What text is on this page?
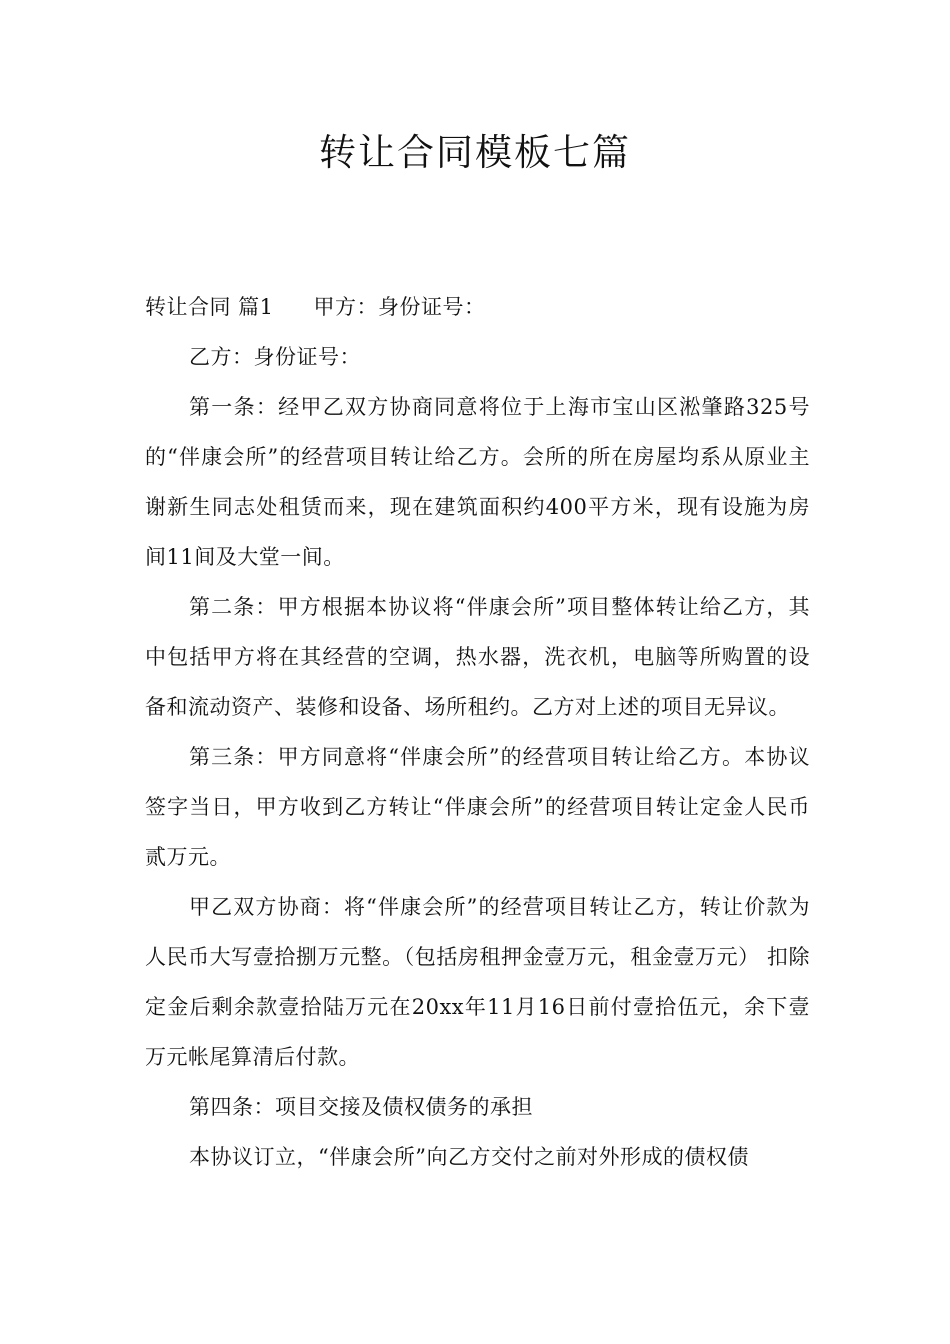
转让合同模板七篇

转让合同 篇1 甲方：身份证号：

乙方：身份证号：

第一条：经甲乙双方协商同意将位于上海市宝山区淞肇路325号的“伴康会所”的经营项目转让给乙方。会所的所在房屋均系从原业主谢新生同志处租赁而来，现在建筑面积约400平方米，现有设施为房间11间及大堂一间。

第二条：甲方根据本协议将“伴康会所”项目整体转让给乙方，其中包括甲方将在其经营的空调，热水器，洗衣机，电脑等所购置的设备和流动资产、装修和设备、场所租约。乙方对上述的项目无异议。

第三条：甲方同意将“伴康会所”的经营项目转让给乙方。本协议签字当日，甲方收到乙方转让“伴康会所”的经营项目转让定金人民币贰万元。

甲乙双方协商：将“伴康会所”的经营项目转让乙方，转让价款为人民币大写壹拾捌万元整。（包括房租押金壹万元，租金壹万元） 扣除定金后剩余款壹拾陆万元在20xx年11月16日前付壹拾伍元，余下壹万元帐尾算清后付款。

第四条：项目交接及债权债务的承担

本协议订立，“伴康会所”向乙方交付之前对外形成的债权债
